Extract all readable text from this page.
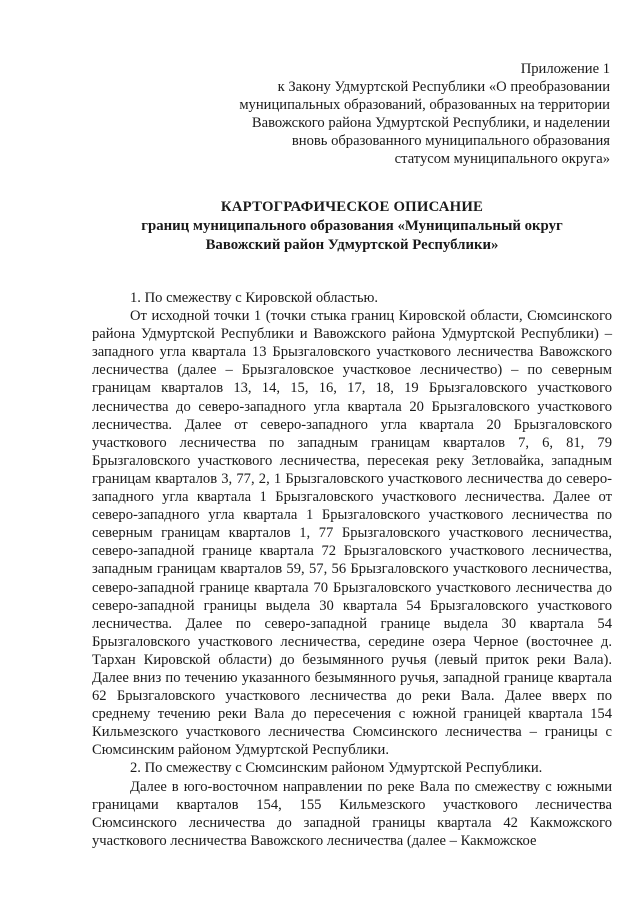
Приложение 1
к Закону Удмуртской Республики «О преобразовании
муниципальных образований, образованных на территории
Вавожского района Удмуртской Республики, и наделении
вновь образованного муниципального образования
статусом муниципального округа»
КАРТОГРАФИЧЕСКОЕ ОПИСАНИЕ
границ муниципального образования «Муниципальный округ
Вавожский район Удмуртской Республики»

1. По смежеству с Кировской областью.

От исходной точки 1 (точки стыка границ Кировской области, Сюмсинского района Удмуртской Республики и Вавожского района Удмуртской Республики) – западного угла квартала 13 Брызгаловского участкового лесничества Вавожского лесничества (далее – Брызгаловское участковое лесничество) – по северным границам кварталов 13, 14, 15, 16, 17, 18, 19 Брызгаловского участкового лесничества до северо-западного угла квартала 20 Брызгаловского участкового лесничества. Далее от северо-западного угла квартала 20 Брызгаловского участкового лесничества по западным границам кварталов 7, 6, 81, 79 Брызгаловского участкового лесничества, пересекая реку Зетловайка, западным границам кварталов 3, 77, 2, 1 Брызгаловского участкового лесничества до северо-западного угла квартала 1 Брызгаловского участкового лесничества. Далее от северо-западного угла квартала 1 Брызгаловского участкового лесничества по северным границам кварталов 1, 77 Брызгаловского участкового лесничества, северо-западной границе квартала 72 Брызгаловского участкового лесничества, западным границам кварталов 59, 57, 56 Брызгаловского участкового лесничества, северо-западной границе квартала 70 Брызгаловского участкового лесничества до северо-западной границы выдела 30 квартала 54 Брызгаловского участкового лесничества. Далее по северо-западной границе выдела 30 квартала 54 Брызгаловского участкового лесничества, середине озера Черное (восточнее д. Тархан Кировской области) до безымянного ручья (левый приток реки Вала). Далее вниз по течению указанного безымянного ручья, западной границе квартала 62 Брызгаловского участкового лесничества до реки Вала. Далее вверх по среднему течению реки Вала до пересечения с южной границей квартала 154 Кильмезского участкового лесничества Сюмсинского лесничества – границы с Сюмсинским районом Удмуртской Республики.

2. По смежеству с Сюмсинским районом Удмуртской Республики.

Далее в юго-восточном направлении по реке Вала по смежеству с южными границами кварталов 154, 155 Кильмезского участкового лесничества Сюмсинского лесничества до западной границы квартала 42 Какможского участкового лесничества Вавожского лесничества (далее – Какможское
